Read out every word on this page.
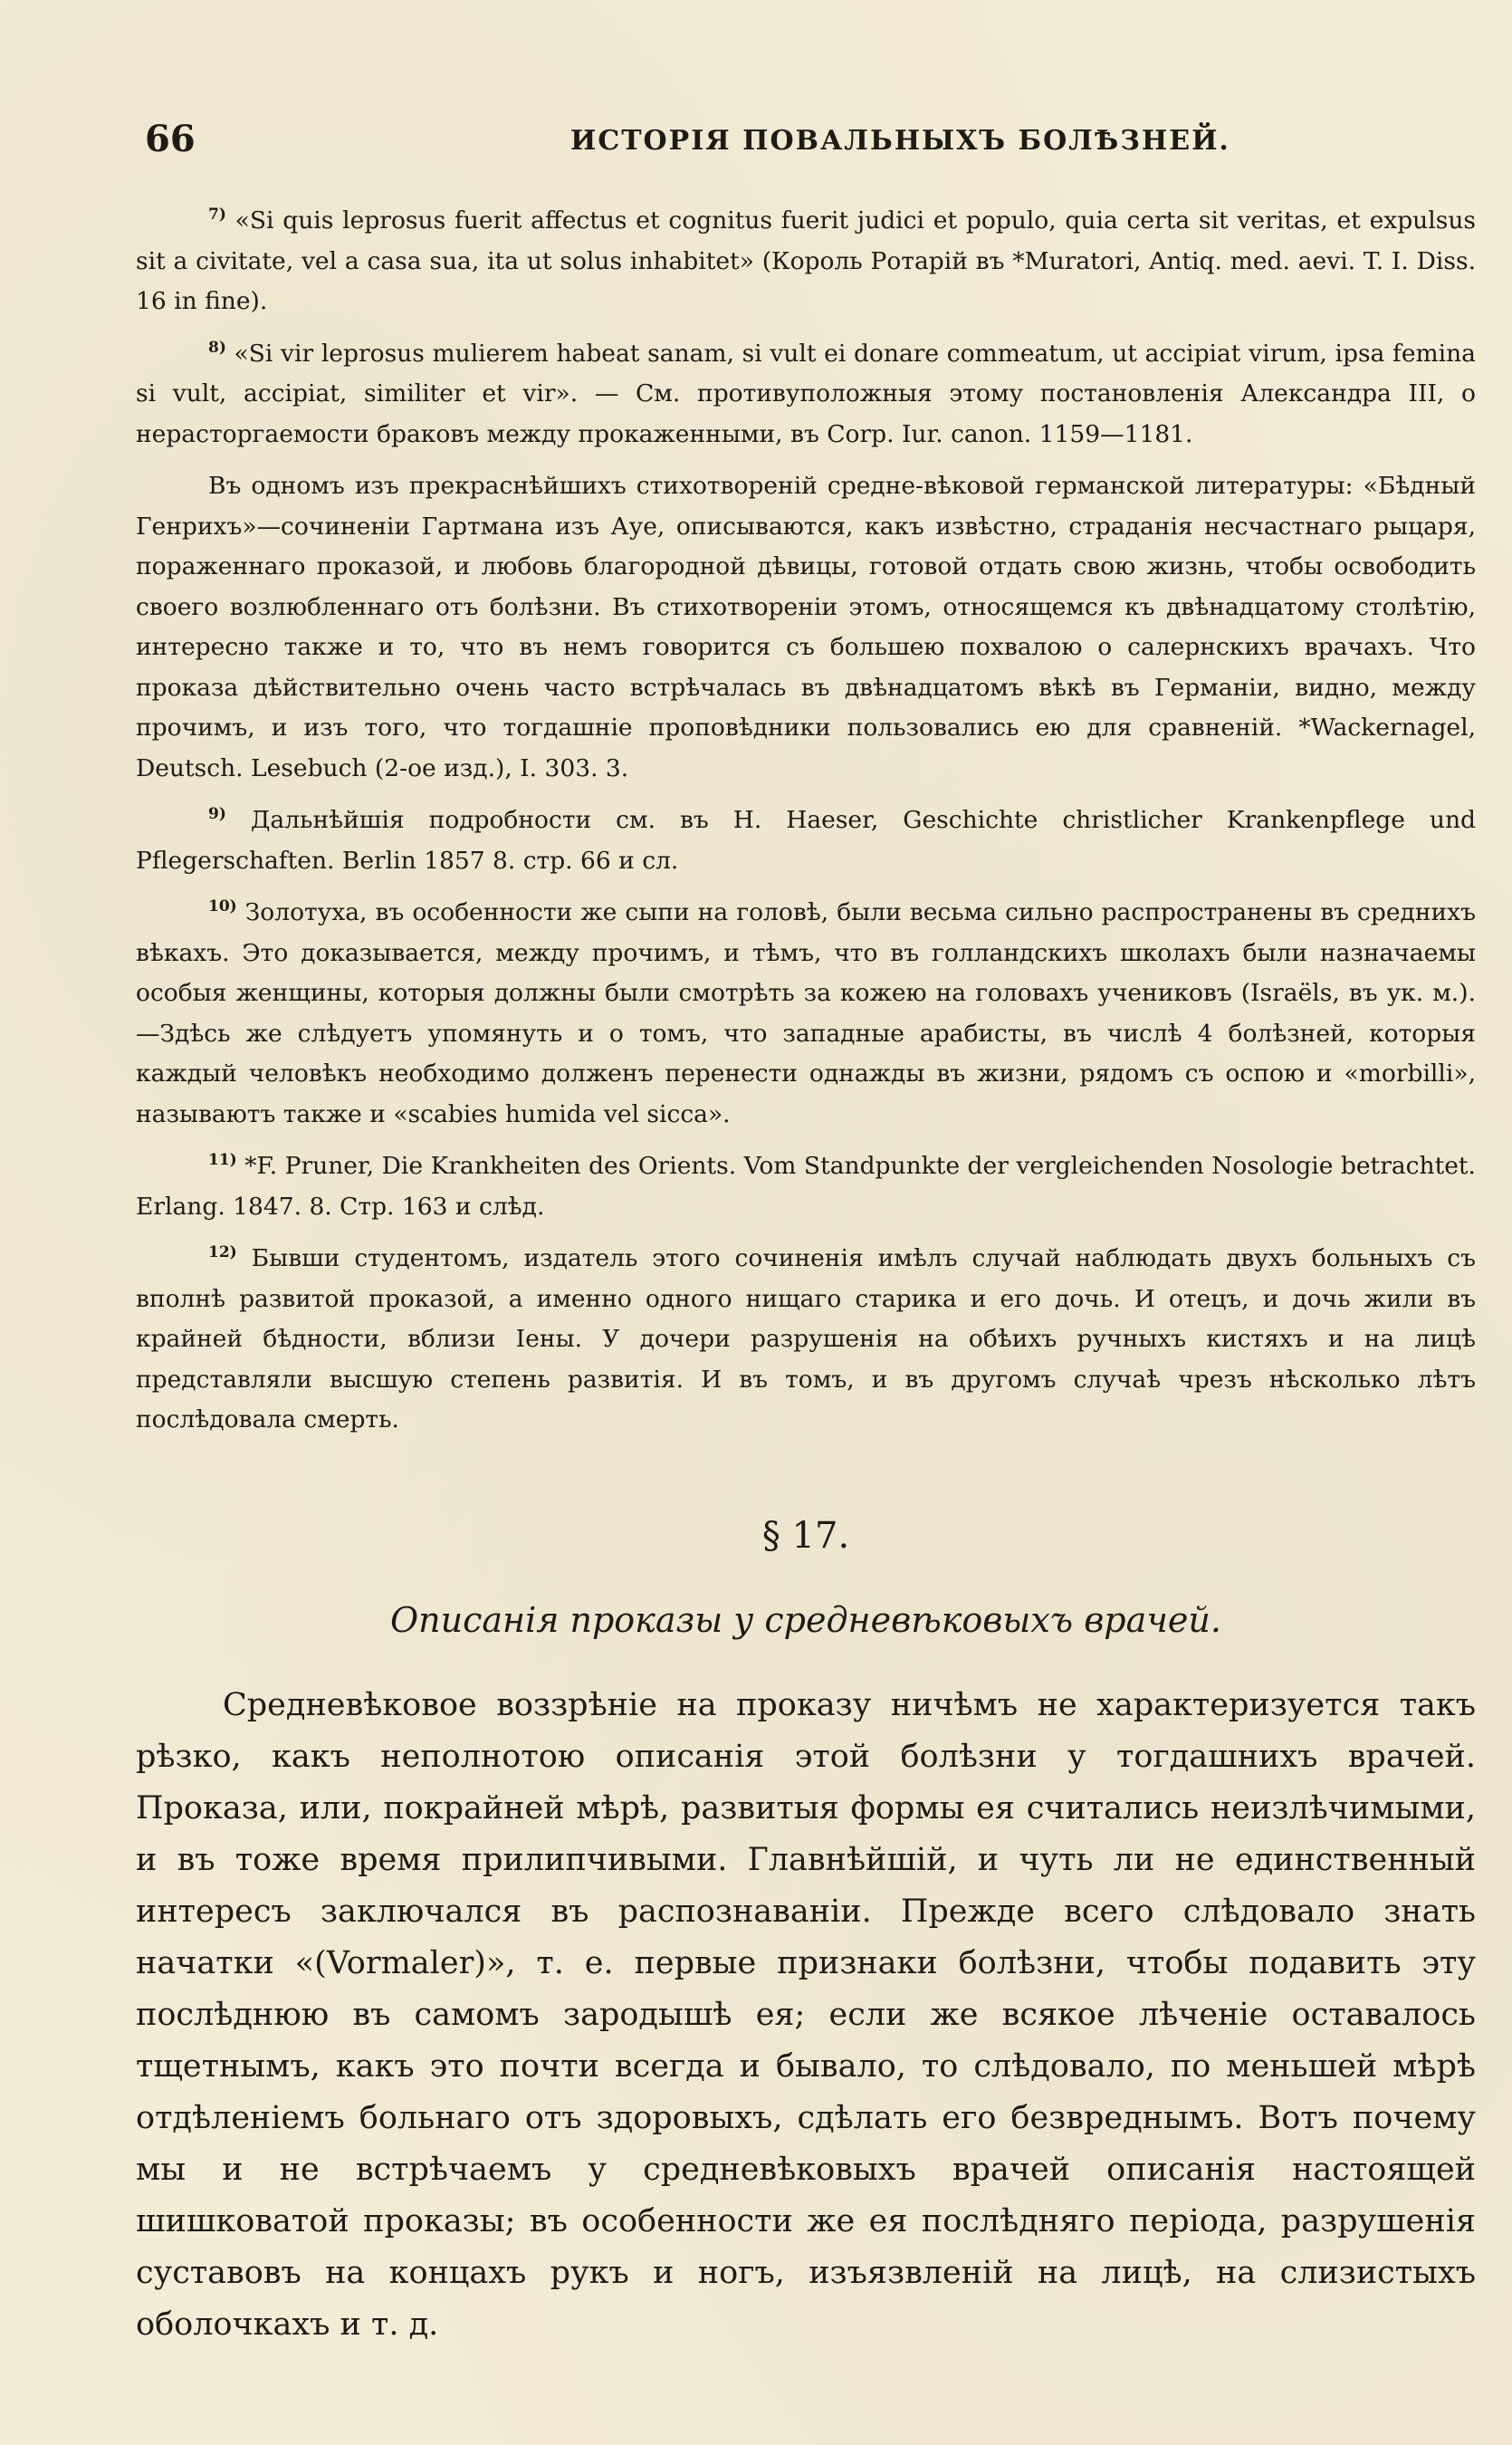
66	ИСТОРІЯ ПОВАЛЬНЫХЪ БОЛѢЗНЕЙ.

$^{7)}$ «Si quis leprosus fuerit affectus et cognitus fuerit judici et populo, quia certa sit veritas, et expulsus sit a civitate, vel a casa sua, ita ut solus inhabitet» (Король Ротарій въ *Muratori, Antiq. med. aevi. T. I. Diss. 16 in fine).

$^{8)}$ «Si vir leprosus mulierem habeat sanam, si vult ei donare commeatum, ut accipiat virum, ipsa femina si vult, accipiat, similiter et vir». — См. противуположныя этому постановленія Александра III, о нерасторгаемости браковъ между прокаженными, въ Corp. Iur. canon. 1159—1181.

Въ одномъ изъ прекраснѣйшихъ стихотвореній средне-вѣковой германской литературы: «Бѣдный Генрихъ»—сочиненіи Гартмана изъ Ауе, описываются, какъ извѣстно, страданія несчастнаго рыцаря, пораженнаго проказой, и любовь благородной дѣвицы, готовой отдать свою жизнь, чтобы освободить своего возлюбленнаго отъ болѣзни. Въ стихотвореніи этомъ, относящемся къ двѣнадцатому столѣтію, интересно также и то, что въ немъ говорится съ большею похвалою о салернскихъ врачахъ. Что проказа дѣйствительно очень часто встрѣчалась въ двѣнадцатомъ вѣкѣ въ Германіи, видно, между прочимъ, и изъ того, что тогдашніе проповѣдники пользовались ею для сравненій. *Wackernagel, Deutsch. Lesebuch (2-ое изд.), I. 303. 3.

$^{9)}$ Дальнѣйшія подробности см. въ H. Haeser, Geschichte christlicher Krankenpflege und Pflegerschaften. Berlin 1857 8. стр. 66 и сл.

$^{10)}$ Золотуха, въ особенности же сыпи на головѣ, были весьма сильно распространены въ среднихъ вѣкахъ. Это доказывается, между прочимъ, и тѣмъ, что въ голландскихъ школахъ были назначаемы особыя женщины, которыя должны были смотрѣть за кожею на головахъ учениковъ (Israëls, въ ук. м.).—Здѣсь же слѣдуетъ упомянуть и о томъ, что западные арабисты, въ числѣ 4 болѣзней, которыя каждый человѣкъ необходимо долженъ перенести однажды въ жизни, рядомъ съ оспою и «morbilli», называютъ также и «scabies humida vel sicca».

$^{11)}$ *F. Pruner, Die Krankheiten des Orients. Vom Standpunkte der vergleichenden Nosologie betrachtet. Erlang. 1847. 8. Стр. 163 и слѣд.

$^{12)}$ Бывши студентомъ, издатель этого сочиненія имѣлъ случай наблюдать двухъ больныхъ съ вполнѣ развитой проказой, а именно одного нищаго старика и его дочь. И отецъ, и дочь жили въ крайней бѣдности, вблизи Іены. У дочери разрушенія на обѣихъ ручныхъ кистяхъ и на лицѣ представляли высшую степень развитія. И въ томъ, и въ другомъ случаѣ чрезъ нѣсколько лѣтъ послѣдовала смерть.

§ 17.
Описанія проказы у средневѣковыхъ врачей.

Средневѣковое воззрѣніе на проказу ничѣмъ не характеризуется такъ рѣзко, какъ неполнотою описанія этой болѣзни у тогдашнихъ врачей. Проказа, или, покрайней мѣрѣ, развитыя формы ея считались неизлѣчимыми, и въ тоже время прилипчивыми. Главнѣйшій, и чуть ли не единственный интересъ заключался въ распознаваніи. Прежде всего слѣдовало знать начатки «(Vormaler)», т. е. первые признаки болѣзни, чтобы подавить эту послѣднюю въ самомъ зародышѣ ея; если же всякое лѣченіе оставалось тщетнымъ, какъ это почти всегда и бывало, то слѣдовало, по меньшей мѣрѣ отдѣленіемъ больнаго отъ здоровыхъ, сдѣлать его безвреднымъ. Вотъ почему мы и не встрѣчаемъ у средневѣковыхъ врачей описанія настоящей шишковатой проказы; въ особенности же ея послѣдняго періода, разрушенія суставовъ на концахъ рукъ и ногъ, изъязвленій на лицѣ, на слизистыхъ оболочкахъ и т. д.
